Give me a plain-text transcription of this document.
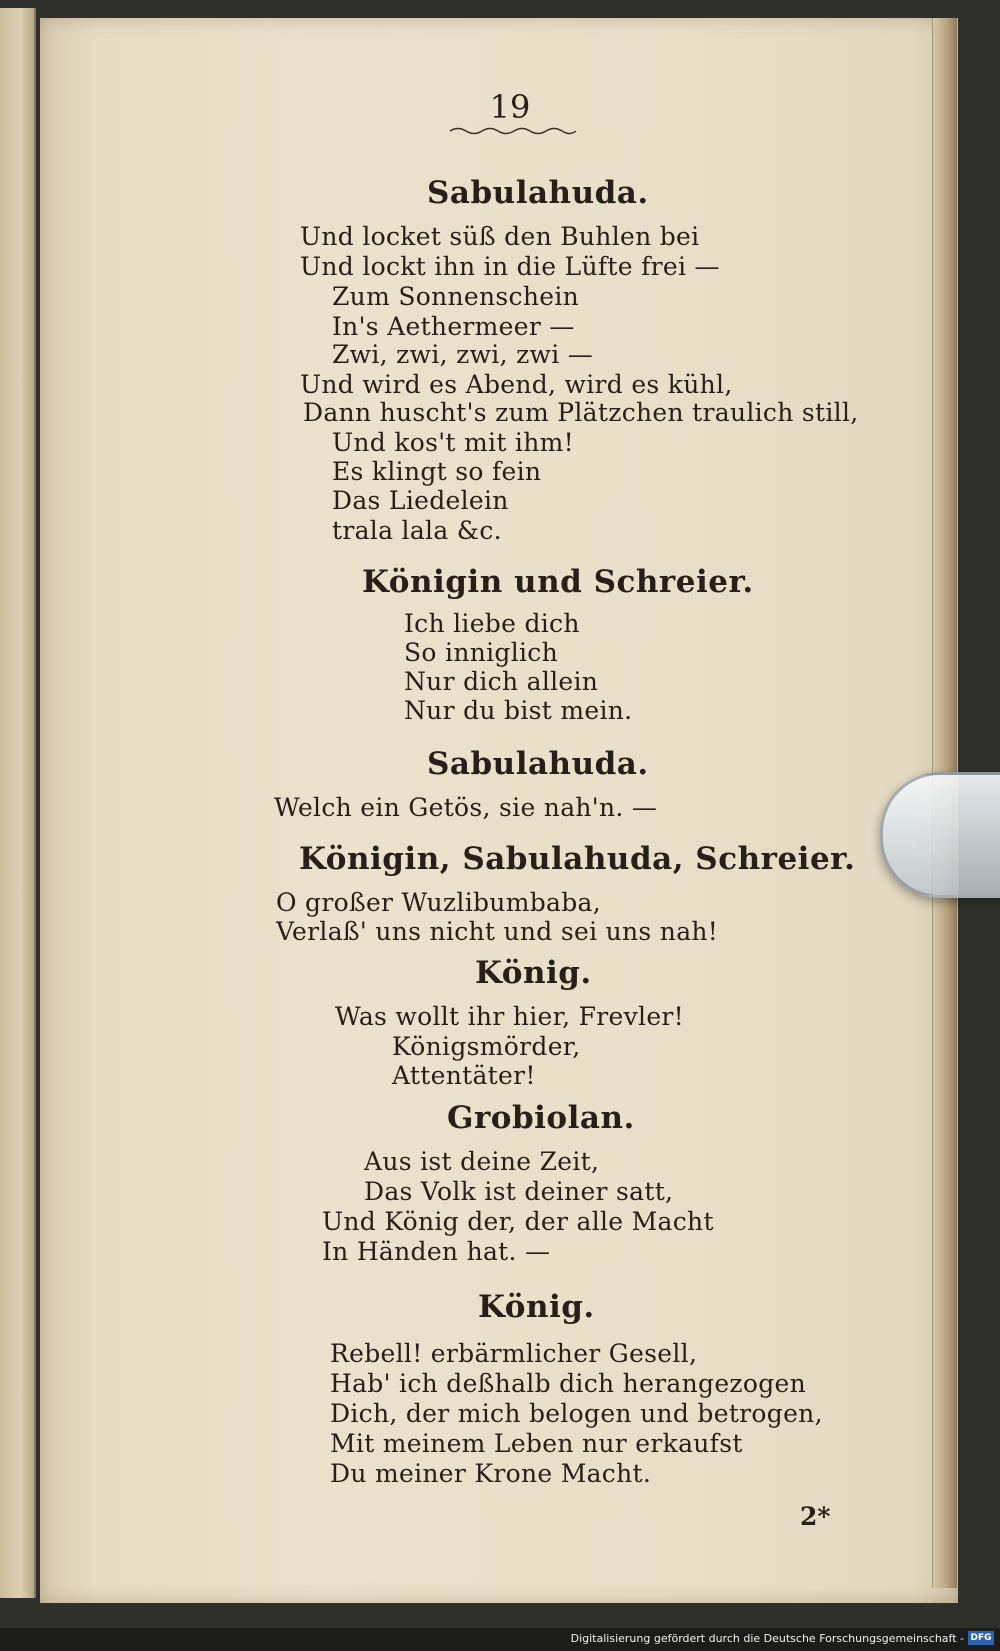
19
Sabulahuda.
Und locket süß den Buhlen bei
Und lockt ihn in die Lüfte frei —
Zum Sonnenschein
In's Aethermeer —
Zwi, zwi, zwi, zwi —
Und wird es Abend, wird es kühl,
Dann huscht's zum Plätzchen traulich still,
Und kos't mit ihm!
Es klingt so fein
Das Liedelein
trala lala &c.
Königin und Schreier.
Ich liebe dich
So inniglich
Nur dich allein
Nur du bist mein.
Sabulahuda.
Welch ein Getös, sie nah'n. —
Königin, Sabulahuda, Schreier.
O großer Wuzlibumbaba,
Verlaß' uns nicht und sei uns nah!
König.
Was wollt ihr hier, Frevler!
Königsmörder,
Attentäter!
Grobiolan.
Aus ist deine Zeit,
Das Volk ist deiner satt,
Und König der, der alle Macht
In Händen hat. —
König.
Rebell! erbärmlicher Gesell,
Hab' ich deßhalb dich herangezogen
Dich, der mich belogen und betrogen,
Mit meinem Leben nur erkaufst
Du meiner Krone Macht.
2*
Digitalisierung gefördert durch die Deutsche Forschungsgemeinschaft - DFG
